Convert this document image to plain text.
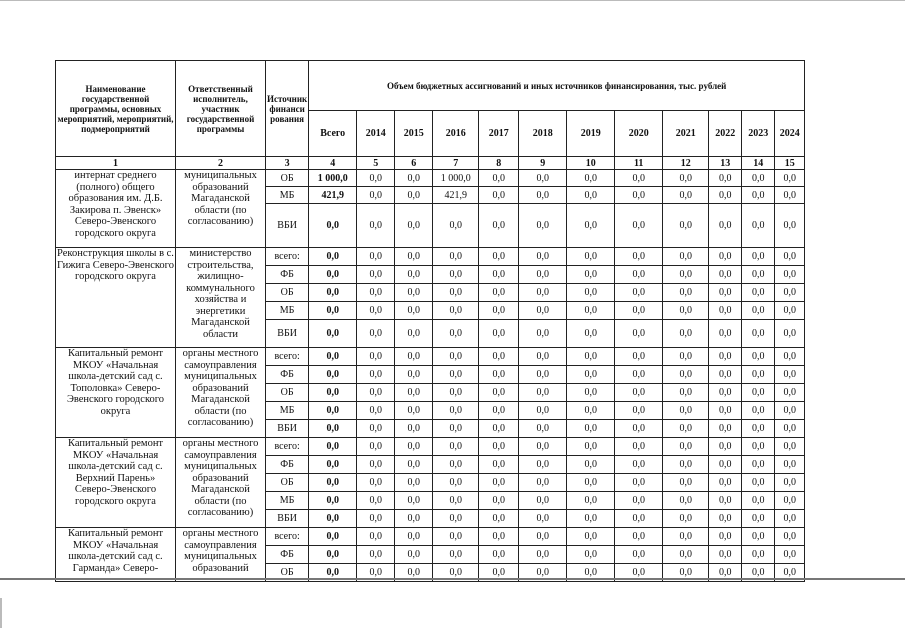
Наименование государственной программы, основных мероприятий, мероприятий, подмероприятий	Ответственный исполнитель, участник государственной программы	Источник финанси рования	Объем бюджетных ассигнований и иных источников финансирования, тыс. рублей											
			Всего	2014	2015	2016	2017	2018	2019	2020	2021	2022	2023	2024
1	2	3	4	5	6	7	8	9	10	11	12	13	14	15
интернат среднего (полного) общего образования им. Д.Б. Закирова п. Эвенск» Северо-Эвенского городского округа	муниципальных образований Магаданской области (по согласованию)	ОБ	1 000,0	0,0	0,0	1 000,0	0,0	0,0	0,0	0,0	0,0	0,0	0,0	0,0
		МБ	421,9	0,0	0,0	421,9	0,0	0,0	0,0	0,0	0,0	0,0	0,0	0,0
		ВБИ	0,0	0,0	0,0	0,0	0,0	0,0	0,0	0,0	0,0	0,0	0,0	0,0
Реконструкция школы в с. Гижига Северо-Эвенского городского округа	министерство строительства, жилищно-коммунального хозяйства и энергетики Магаданской области	всего:	0,0	0,0	0,0	0,0	0,0	0,0	0,0	0,0	0,0	0,0	0,0	0,0
		ФБ	0,0	0,0	0,0	0,0	0,0	0,0	0,0	0,0	0,0	0,0	0,0	0,0
		ОБ	0,0	0,0	0,0	0,0	0,0	0,0	0,0	0,0	0,0	0,0	0,0	0,0
		МБ	0,0	0,0	0,0	0,0	0,0	0,0	0,0	0,0	0,0	0,0	0,0	0,0
		ВБИ	0,0	0,0	0,0	0,0	0,0	0,0	0,0	0,0	0,0	0,0	0,0	0,0
Капитальный ремонт МКОУ «Начальная школа-детский сад с. Тополовка» Северо-Эвенского городского округа	органы местного самоуправления муниципальных образований Магаданской области (по согласованию)	всего:	0,0	0,0	0,0	0,0	0,0	0,0	0,0	0,0	0,0	0,0	0,0	0,0
		ФБ	0,0	0,0	0,0	0,0	0,0	0,0	0,0	0,0	0,0	0,0	0,0	0,0
		ОБ	0,0	0,0	0,0	0,0	0,0	0,0	0,0	0,0	0,0	0,0	0,0	0,0
		МБ	0,0	0,0	0,0	0,0	0,0	0,0	0,0	0,0	0,0	0,0	0,0	0,0
		ВБИ	0,0	0,0	0,0	0,0	0,0	0,0	0,0	0,0	0,0	0,0	0,0	0,0
Капитальный ремонт МКОУ «Начальная школа-детский сад с. Верхний Парень» Северо-Эвенского городского округа	органы местного самоуправления муниципальных образований Магаданской области (по согласованию)	всего:	0,0	0,0	0,0	0,0	0,0	0,0	0,0	0,0	0,0	0,0	0,0	0,0
		ФБ	0,0	0,0	0,0	0,0	0,0	0,0	0,0	0,0	0,0	0,0	0,0	0,0
		ОБ	0,0	0,0	0,0	0,0	0,0	0,0	0,0	0,0	0,0	0,0	0,0	0,0
		МБ	0,0	0,0	0,0	0,0	0,0	0,0	0,0	0,0	0,0	0,0	0,0	0,0
		ВБИ	0,0	0,0	0,0	0,0	0,0	0,0	0,0	0,0	0,0	0,0	0,0	0,0
Капитальный ремонт МКОУ «Начальная школа-детский сад с. Гарманда» Северо-	органы местного самоуправления муниципальных образований	всего:	0,0	0,0	0,0	0,0	0,0	0,0	0,0	0,0	0,0	0,0	0,0	0,0
		ФБ	0,0	0,0	0,0	0,0	0,0	0,0	0,0	0,0	0,0	0,0	0,0	0,0
		ОБ	0,0	0,0	0,0	0,0	0,0	0,0	0,0	0,0	0,0	0,0	0,0	0,0
